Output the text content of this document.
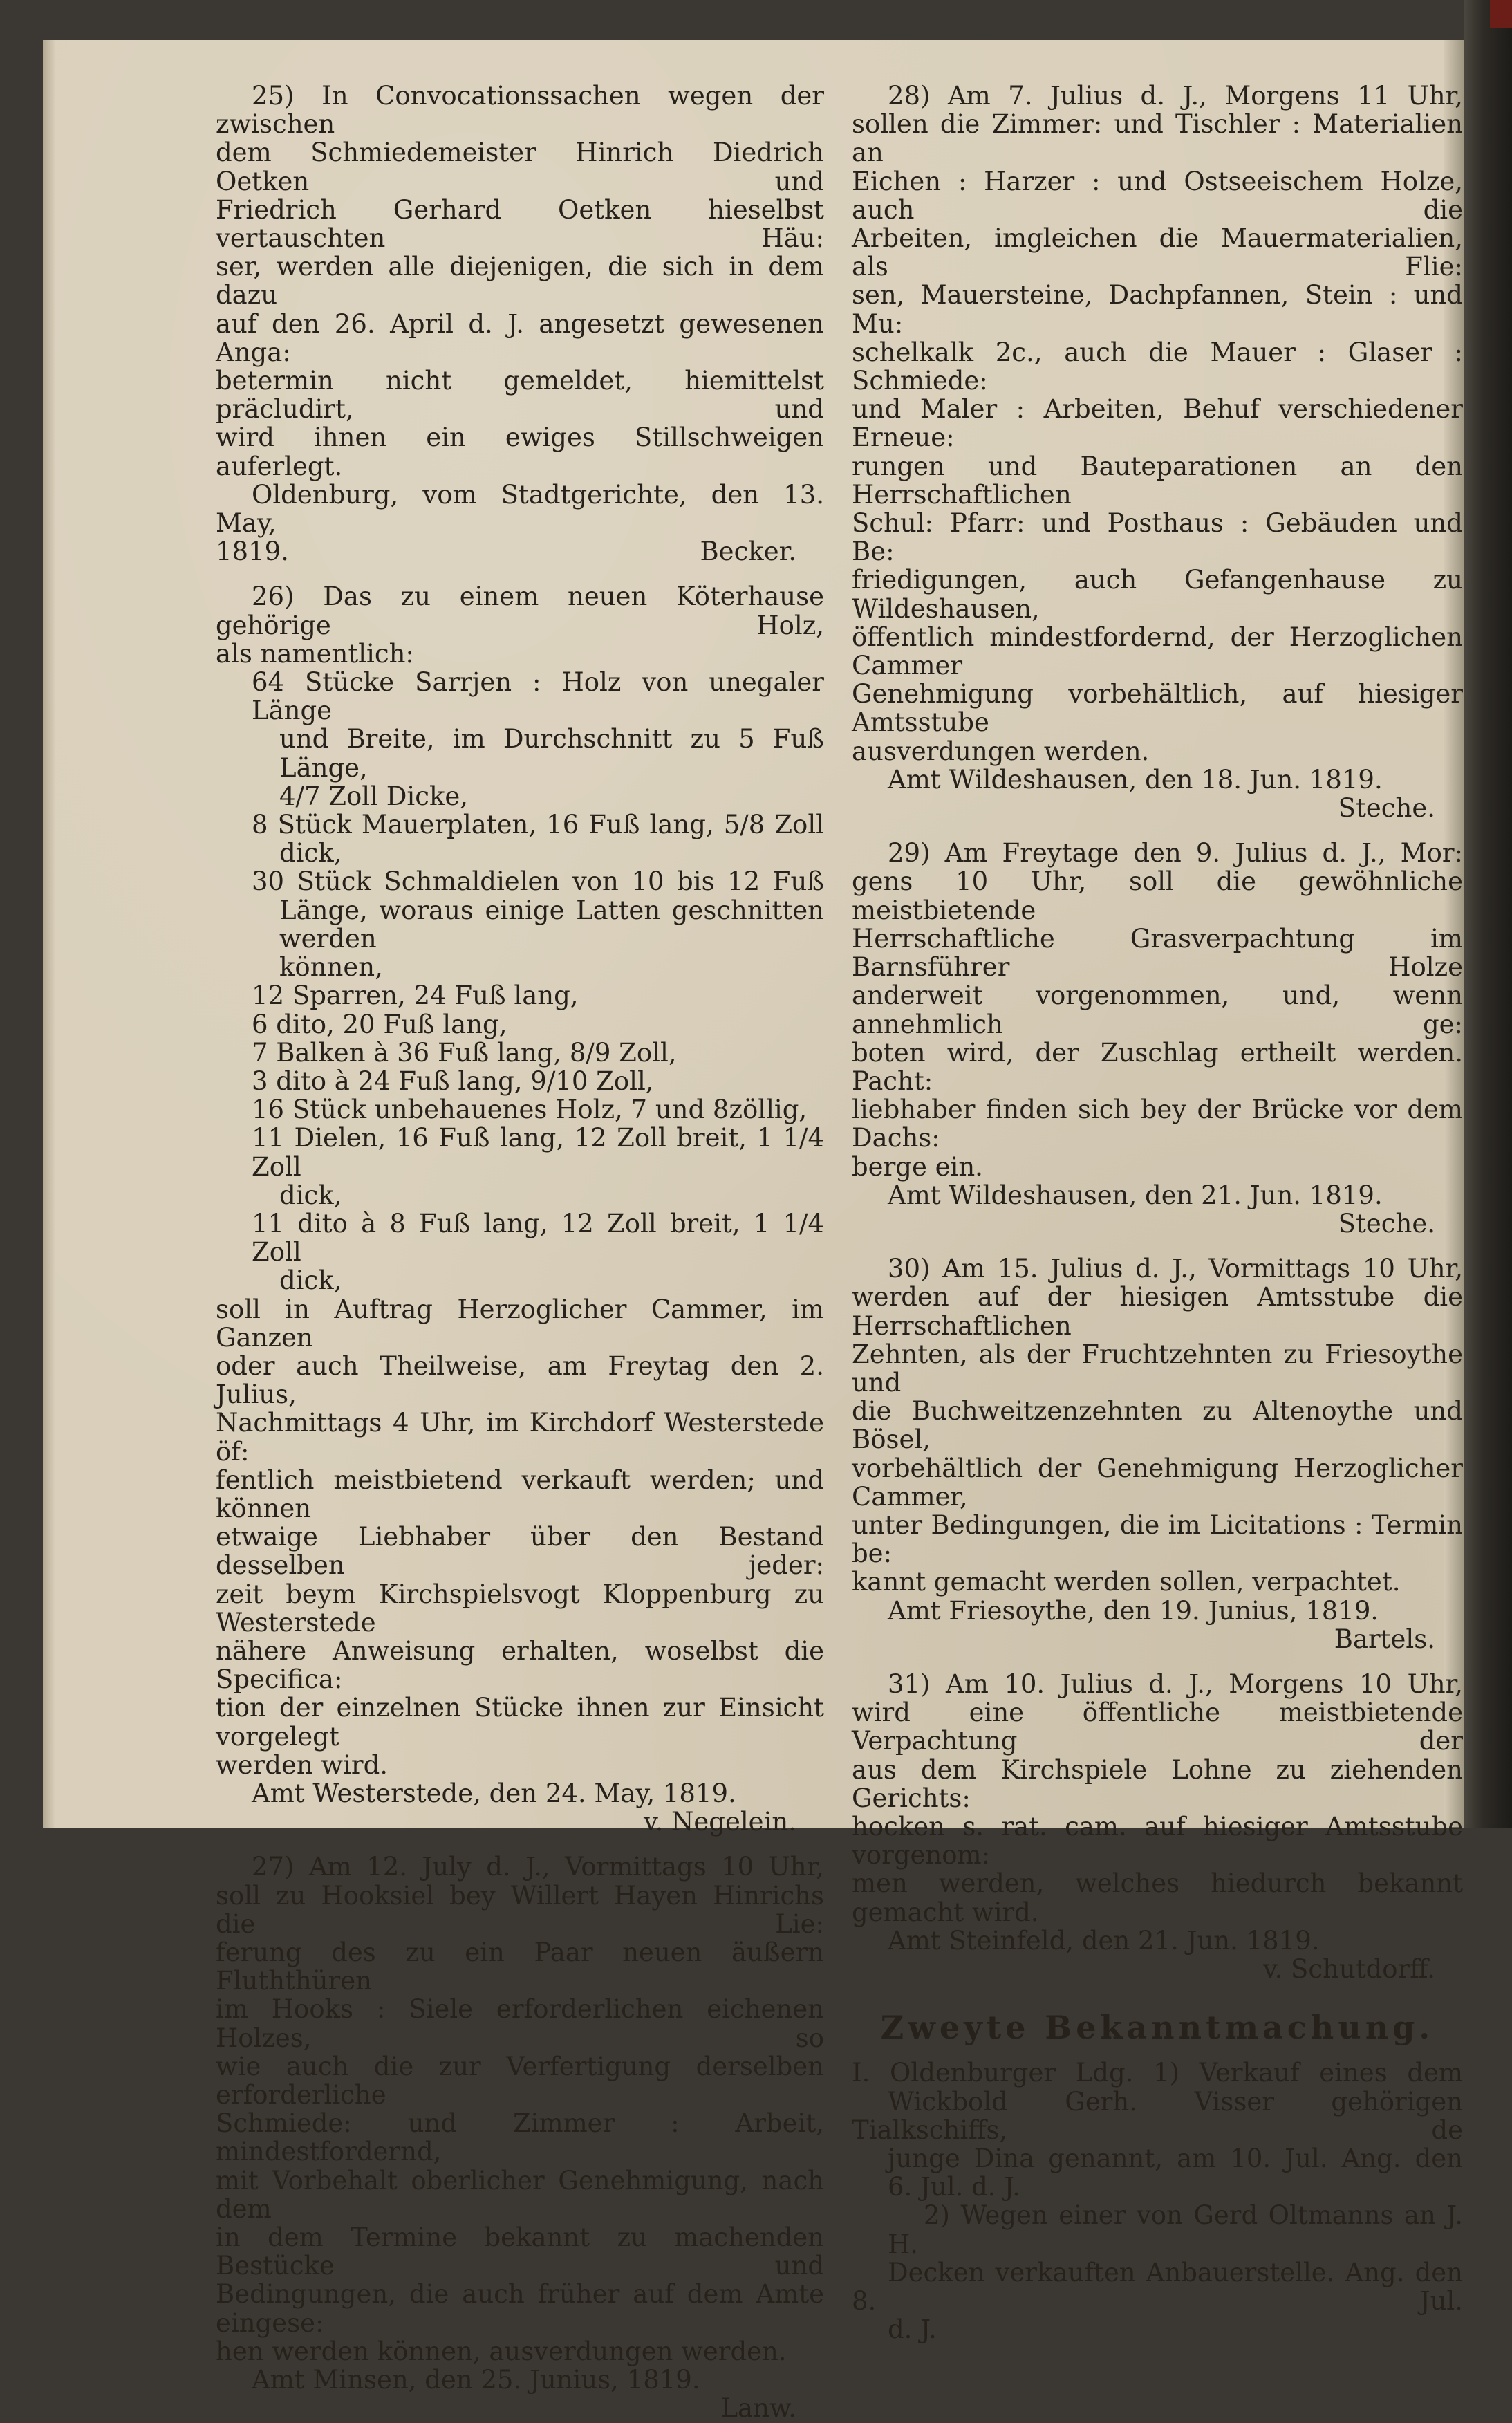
25) In Convocationssachen wegen der zwischen

dem Schmiedemeister Hinrich Diedrich Oetken und

Friedrich Gerhard Oetken hieselbst vertauschten Häu:

ser, werden alle diejenigen, die sich in dem dazu

auf den 26. April d. J. angesetzt gewesenen Anga:

betermin nicht gemeldet, hiemittelst präcludirt, und

wird ihnen ein ewiges Stillschweigen auferlegt.

Oldenburg, vom Stadtgerichte, den 13. May,

1819.	Becker.

26) Das zu einem neuen Köterhause gehörige Holz,

als namentlich:

64 Stücke Sarrjen : Holz von unegaler Länge

und Breite, im Durchschnitt zu 5 Fuß Länge,

4/7 Zoll Dicke,

8 Stück Mauerplaten, 16 Fuß lang, 5/8 Zoll

dick,

30 Stück Schmaldielen von 10 bis 12 Fuß

Länge, woraus einige Latten geschnitten werden

können,

12 Sparren, 24 Fuß lang,

6 dito, 20 Fuß lang,

7 Balken à 36 Fuß lang, 8/9 Zoll,

3 dito à 24 Fuß lang, 9/10 Zoll,

16 Stück unbehauenes Holz, 7 und 8zöllig,

11 Dielen, 16 Fuß lang, 12 Zoll breit, 1 1/4 Zoll

dick,

11 dito à 8 Fuß lang, 12 Zoll breit, 1 1/4 Zoll

dick,

soll in Auftrag Herzoglicher Cammer, im Ganzen

oder auch Theilweise, am Freytag den 2. Julius,

Nachmittags 4 Uhr, im Kirchdorf Westerstede öf:

fentlich meistbietend verkauft werden; und können

etwaige Liebhaber über den Bestand desselben jeder:

zeit beym Kirchspielsvogt Kloppenburg zu Westerstede

nähere Anweisung erhalten, woselbst die Specifica:

tion der einzelnen Stücke ihnen zur Einsicht vorgelegt

werden wird.

Amt Westerstede, den 24. May, 1819.

v. Negelein.

27) Am 12. July d. J., Vormittags 10 Uhr,

soll zu Hooksiel bey Willert Hayen Hinrichs die Lie:

ferung des zu ein Paar neuen äußern Fluththüren

im Hooks : Siele erforderlichen eichenen Holzes, so

wie auch die zur Verfertigung derselben erforderliche

Schmiede: und Zimmer : Arbeit, mindestfordernd,

mit Vorbehalt oberlicher Genehmigung, nach dem

in dem Termine bekannt zu machenden Bestücke und

Bedingungen, die auch früher auf dem Amte eingese:

hen werden können, ausverdungen werden.

Amt Minsen, den 25. Junius, 1819.

Lanw.

28) Am 7. Julius d. J., Morgens 11 Uhr,

sollen die Zimmer: und Tischler : Materialien an

Eichen : Harzer : und Ostseeischem Holze, auch die

Arbeiten, imgleichen die Mauermaterialien, als Flie:

sen, Mauersteine, Dachpfannen, Stein : und Mu:

schelkalk 2c., auch die Mauer : Glaser : Schmiede:

und Maler : Arbeiten, Behuf verschiedener Erneue:

rungen und Bauteparationen an den Herrschaftlichen

Schul: Pfarr: und Posthaus : Gebäuden und Be:

friedigungen, auch Gefangenhause zu Wildeshausen,

öffentlich mindestfordernd, der Herzoglichen Cammer

Genehmigung vorbehältlich, auf hiesiger Amtsstube

ausverdungen werden.

Amt Wildeshausen, den 18. Jun. 1819.

Steche.

29) Am Freytage den 9. Julius d. J., Mor:

gens 10 Uhr, soll die gewöhnliche meistbietende

Herrschaftliche Grasverpachtung im Barnsführer Holze

anderweit vorgenommen, und, wenn annehmlich ge:

boten wird, der Zuschlag ertheilt werden. Pacht:

liebhaber finden sich bey der Brücke vor dem Dachs:

berge ein.

Amt Wildeshausen, den 21. Jun. 1819.

Steche.

30) Am 15. Julius d. J., Vormittags 10 Uhr,

werden auf der hiesigen Amtsstube die Herrschaftlichen

Zehnten, als der Fruchtzehnten zu Friesoythe und

die Buchweitzenzehnten zu Altenoythe und Bösel,

vorbehältlich der Genehmigung Herzoglicher Cammer,

unter Bedingungen, die im Licitations : Termin be:

kannt gemacht werden sollen, verpachtet.

Amt Friesoythe, den 19. Junius, 1819.

Bartels.

31) Am 10. Julius d. J., Morgens 10 Uhr,

wird eine öffentliche meistbietende Verpachtung der

aus dem Kirchspiele Lohne zu ziehenden Gerichts:

hocken s. rat. cam. auf hiesiger Amtsstube vorgenom:

men werden, welches hiedurch bekannt gemacht wird.

Amt Steinfeld, den 21. Jun. 1819.

v. Schutdorff.

Zweyte Bekanntmachung.

I. Oldenburger Ldg. 1) Verkauf eines dem

Wickbold Gerh. Visser gehörigen Tialkschiffs, de

junge Dina genannt, am 10. Jul. Ang. den

6. Jul. d. J.

2) Wegen einer von Gerd Oltmanns an J. H.

Decken verkauften Anbauerstelle. Ang. den 8. Jul.

d. J.
